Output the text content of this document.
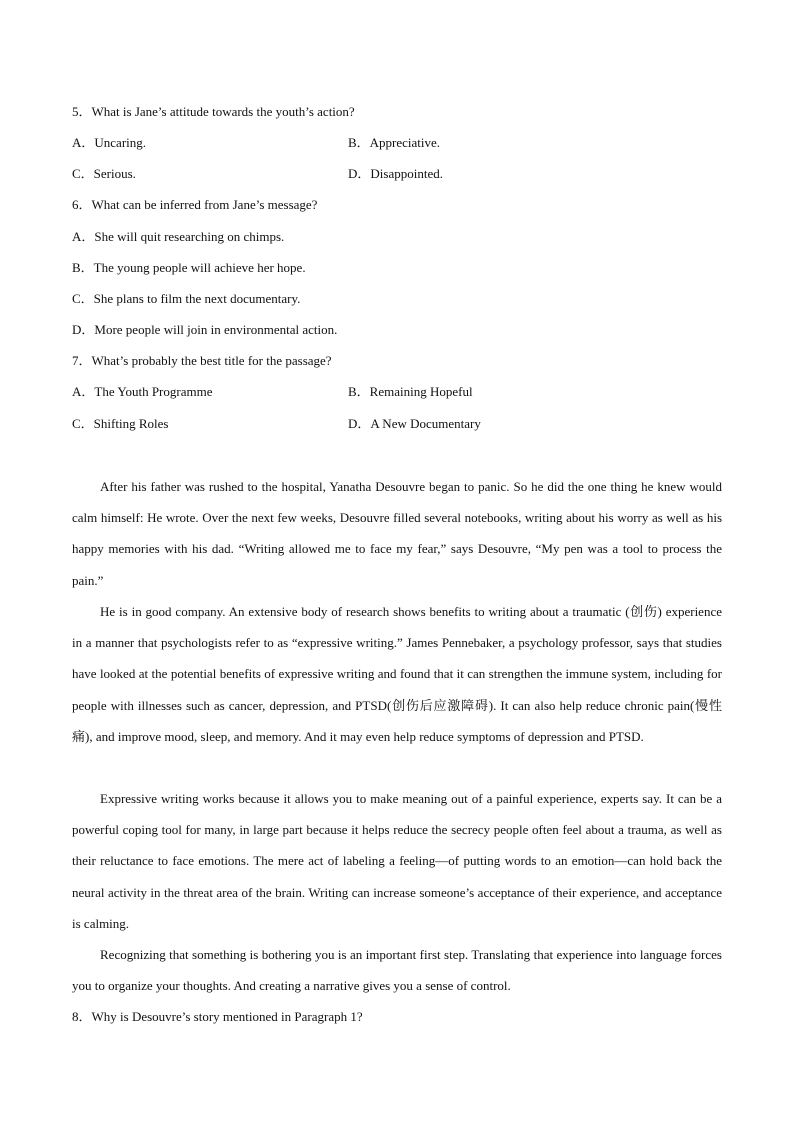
5．What is Jane’s attitude towards the youth’s action?
A．Uncaring.	B．Appreciative.
C．Serious.	D．Disappointed.
6．What can be inferred from Jane’s message?
A．She will quit researching on chimps.
B．The young people will achieve her hope.
C．She plans to film the next documentary.
D．More people will join in environmental action.
7．What’s probably the best title for the passage?
A．The Youth Programme	B．Remaining Hopeful
C．Shifting Roles	D．A New Documentary

After his father was rushed to the hospital, Yanatha Desouvre began to panic. So he did the one thing he knew would calm himself: He wrote. Over the next few weeks, Desouvre filled several notebooks, writing about his worry as well as his happy memories with his dad. “Writing allowed me to face my fear,” says Desouvre, “My pen was a tool to process the pain.”

He is in good company. An extensive body of research shows benefits to writing about a traumatic (创伤) experience in a manner that psychologists refer to as “expressive writing.” James Pennebaker, a psychology professor, says that studies have looked at the potential benefits of expressive writing and found that it can strengthen the immune system, including for people with illnesses such as cancer, depression, and PTSD(创伤后应激障碍). It can also help reduce chronic pain(慢性痛), and improve mood, sleep, and memory. And it may even help reduce symptoms of depression and PTSD.

Expressive writing works because it allows you to make meaning out of a painful experience, experts say. It can be a powerful coping tool for many, in large part because it helps reduce the secrecy people often feel about a trauma, as well as their reluctance to face emotions. The mere act of labeling a feeling—of putting words to an emotion—can hold back the neural activity in the threat area of the brain. Writing can increase someone’s acceptance of their experience, and acceptance is calming.

Recognizing that something is bothering you is an important first step. Translating that experience into language forces you to organize your thoughts. And creating a narrative gives you a sense of control.

8．Why is Desouvre’s story mentioned in Paragraph 1?
